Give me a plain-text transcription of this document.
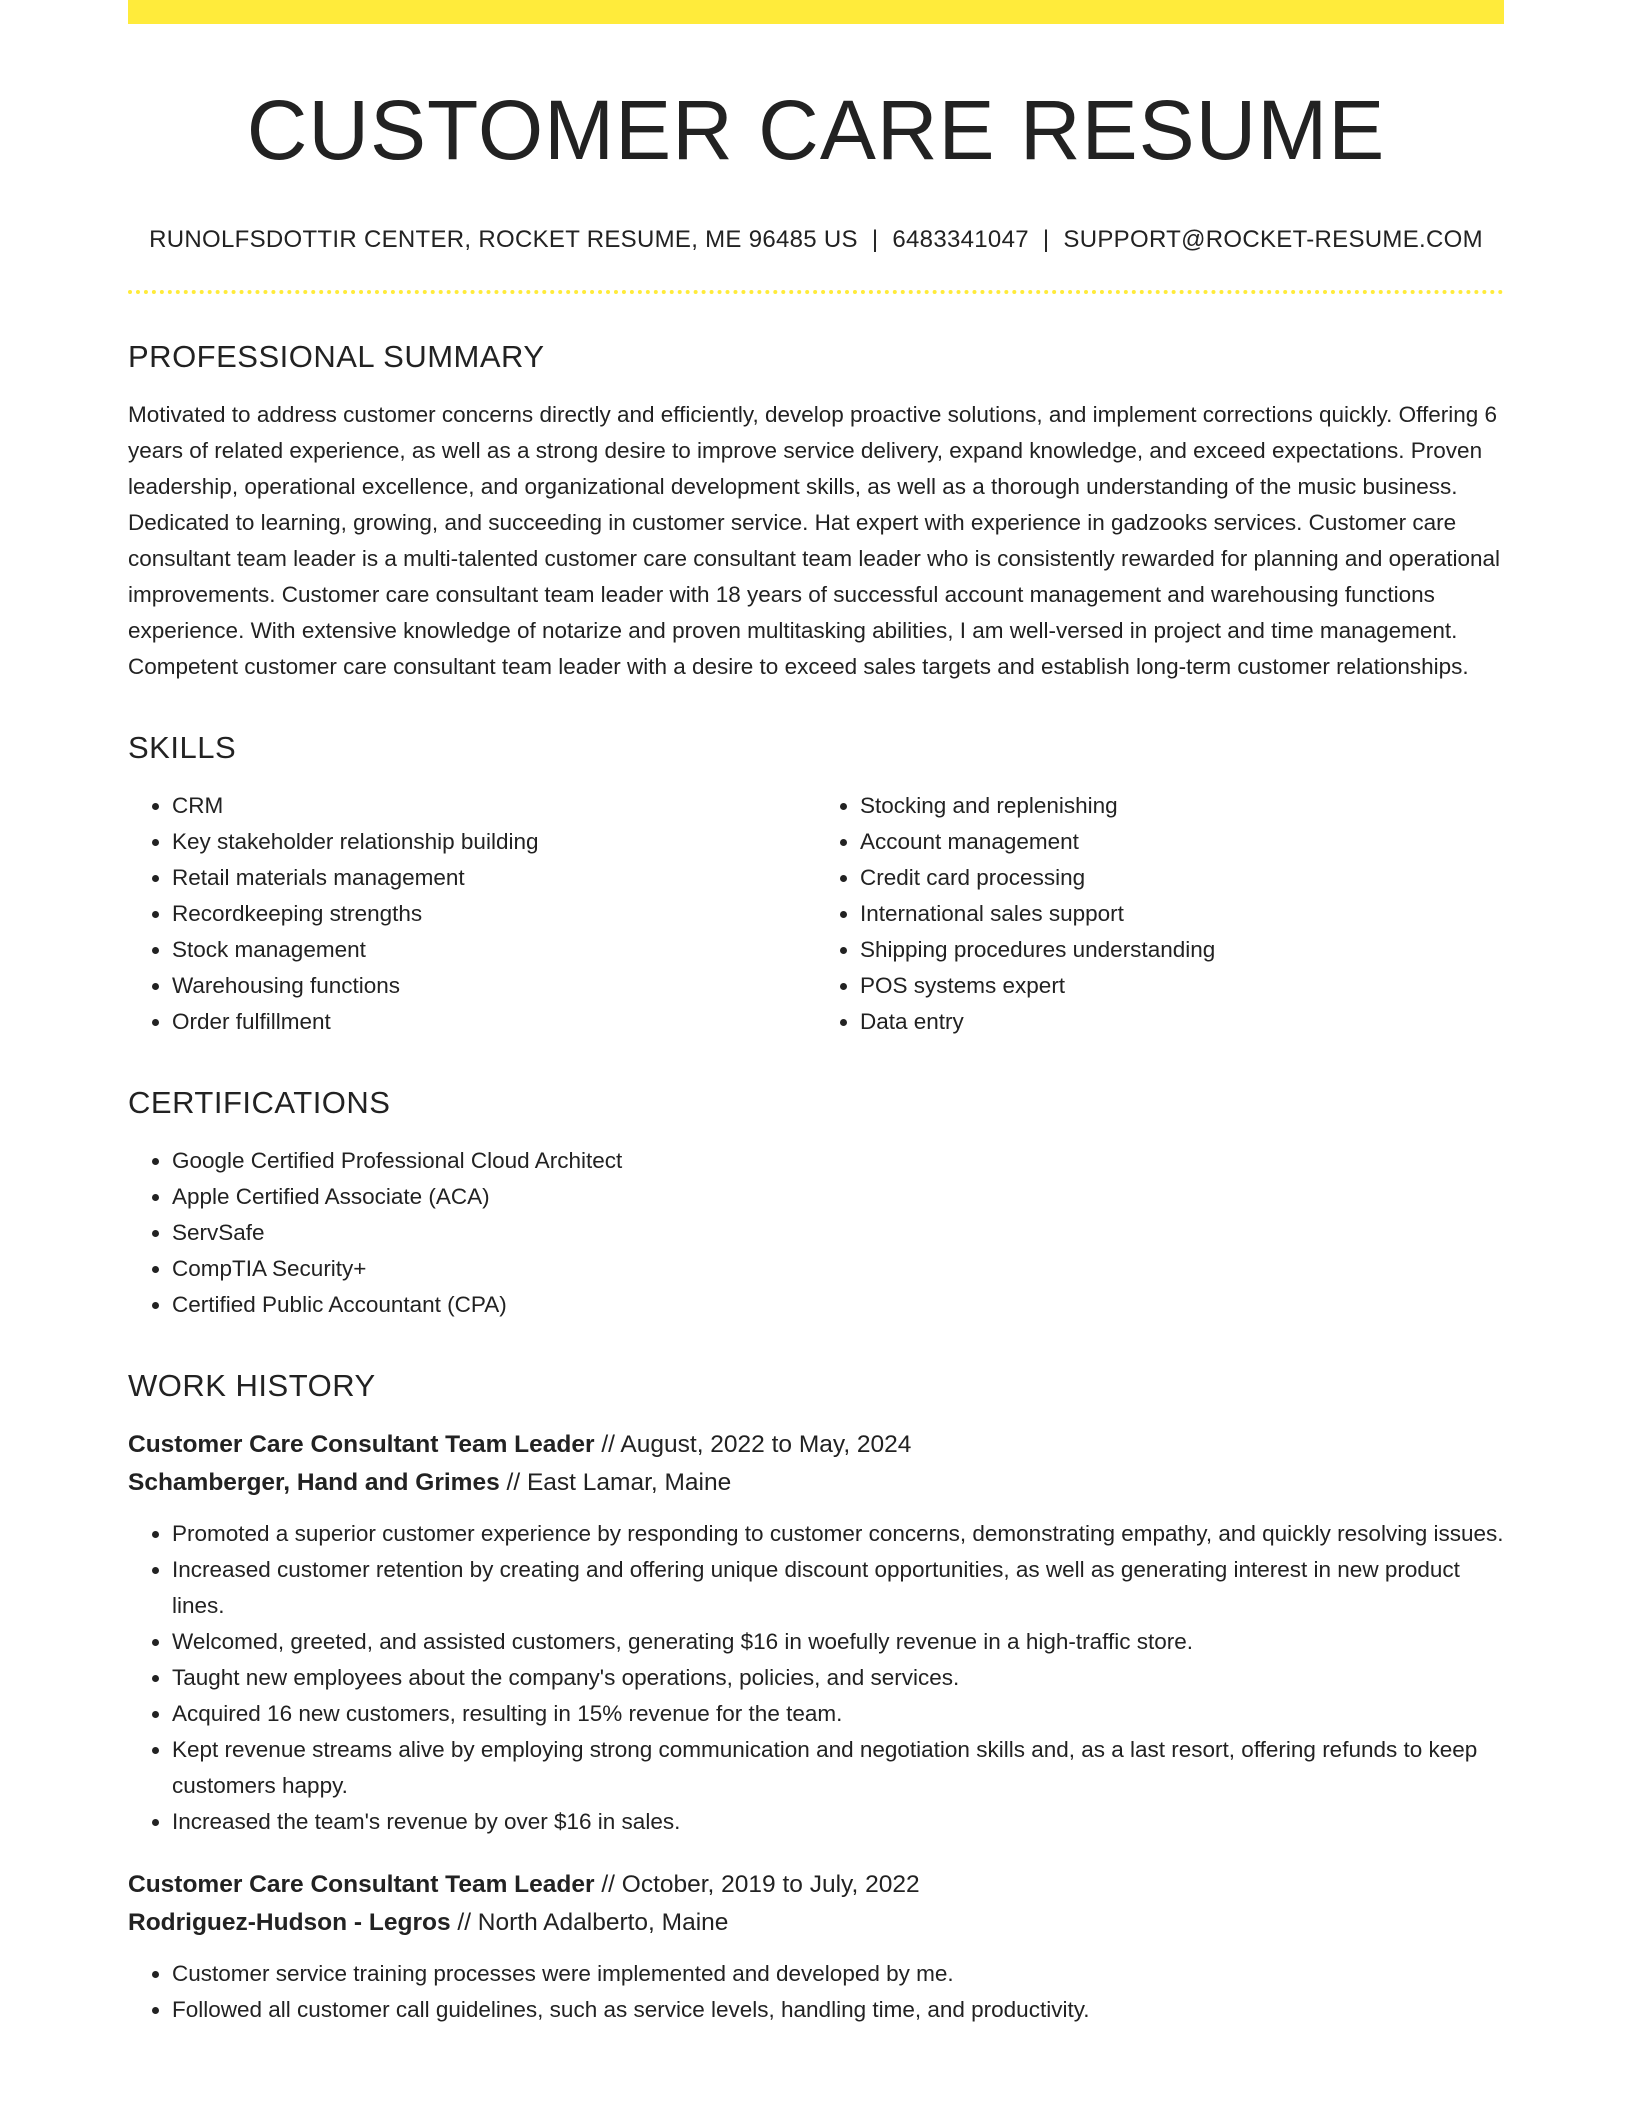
CUSTOMER CARE RESUME
RUNOLFSDOTTIR CENTER, ROCKET RESUME, ME 96485 US | 6483341047 | SUPPORT@ROCKET-RESUME.COM
PROFESSIONAL SUMMARY

Motivated to address customer concerns directly and efficiently, develop proactive solutions, and implement corrections quickly. Offering 6 years of related experience, as well as a strong desire to improve service delivery, expand knowledge, and exceed expectations. Proven leadership, operational excellence, and organizational development skills, as well as a thorough understanding of the music business. Dedicated to learning, growing, and succeeding in customer service. Hat expert with experience in gadzooks services. Customer care consultant team leader is a multi-talented customer care consultant team leader who is consistently rewarded for planning and operational improvements. Customer care consultant team leader with 18 years of successful account management and warehousing functions experience. With extensive knowledge of notarize and proven multitasking abilities, I am well-versed in project and time management. Competent customer care consultant team leader with a desire to exceed sales targets and establish long-term customer relationships.

SKILLS
• CRM
• Key stakeholder relationship building
• Retail materials management
• Recordkeeping strengths
• Stock management
• Warehousing functions
• Order fulfillment
• Stocking and replenishing
• Account management
• Credit card processing
• International sales support
• Shipping procedures understanding
• POS systems expert
• Data entry
CERTIFICATIONS
• Google Certified Professional Cloud Architect
• Apple Certified Associate (ACA)
• ServSafe
• CompTIA Security+
• Certified Public Accountant (CPA)
WORK HISTORY
Customer Care Consultant Team Leader // August, 2022 to May, 2024
Schamberger, Hand and Grimes // East Lamar, Maine
• Promoted a superior customer experience by responding to customer concerns, demonstrating empathy, and quickly resolving issues.
• Increased customer retention by creating and offering unique discount opportunities, as well as generating interest in new product lines.
• Welcomed, greeted, and assisted customers, generating $16 in woefully revenue in a high-traffic store.
• Taught new employees about the company's operations, policies, and services.
• Acquired 16 new customers, resulting in 15% revenue for the team.
• Kept revenue streams alive by employing strong communication and negotiation skills and, as a last resort, offering refunds to keep customers happy.
• Increased the team's revenue by over $16 in sales.
Customer Care Consultant Team Leader // October, 2019 to July, 2022
Rodriguez-Hudson - Legros // North Adalberto, Maine
• Customer service training processes were implemented and developed by me.
• Followed all customer call guidelines, such as service levels, handling time, and productivity.
